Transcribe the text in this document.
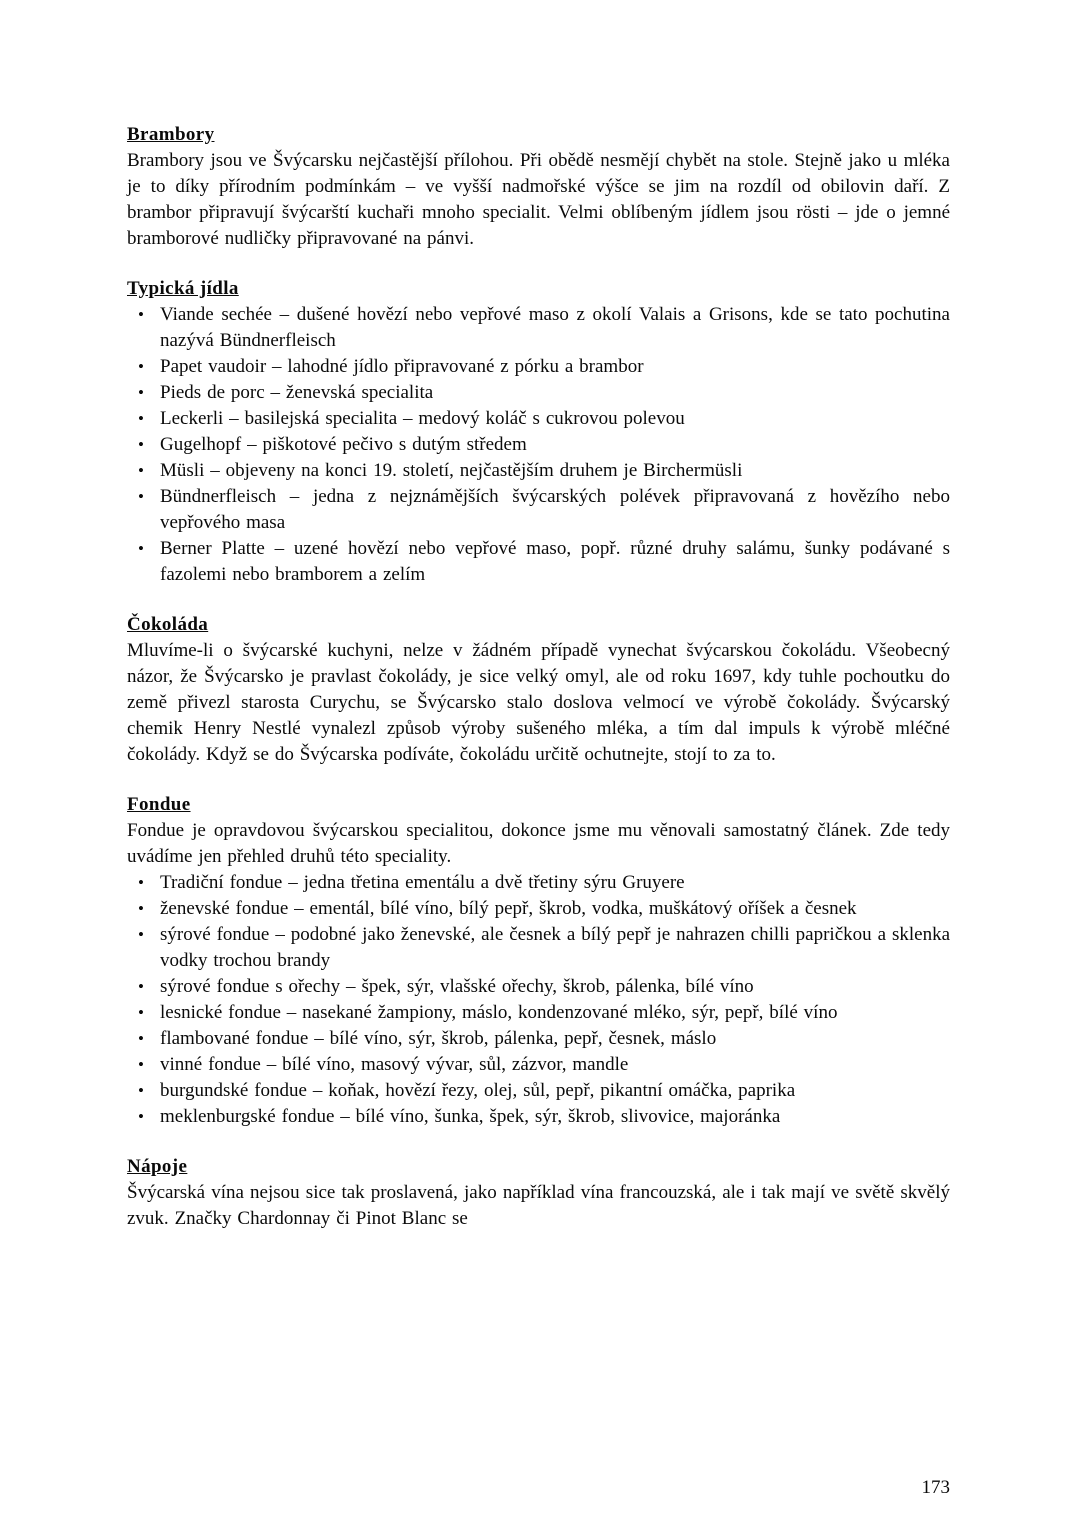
Brambory

Brambory jsou ve Švýcarsku nejčastější přílohou. Při obědě nesmějí chybět na stole. Stejně jako u mléka je to díky přírodním podmínkám – ve vyšší nadmořské výšce se jim na rozdíl od obilovin daří. Z brambor připravují švýcarští kuchaři mnoho specialit. Velmi oblíbeným jídlem jsou rösti – jde o jemné bramborové nudličky připravované na pánvi.

Typická jídla
• Viande sechée – dušené hovězí nebo vepřové maso z okolí Valais a Grisons, kde se tato pochutina nazývá Bündnerfleisch
• Papet vaudoir – lahodné jídlo připravované z pórku a brambor
• Pieds de porc – ženevská specialita
• Leckerli – basilejská specialita – medový koláč s cukrovou polevou
• Gugelhopf – piškotové pečivo s dutým středem
• Müsli – objeveny na konci 19. století, nejčastějším druhem je Birchermüsli
• Bündnerfleisch – jedna z nejznámějších švýcarských polévek připravovaná z hovězího nebo vepřového masa
• Berner Platte – uzené hovězí nebo vepřové maso, popř. různé druhy salámu, šunky podávané s fazolemi nebo bramborem a zelím
Čokoláda

Mluvíme-li o švýcarské kuchyni, nelze v žádném případě vynechat švýcarskou čokoládu. Všeobecný názor, že Švýcarsko je pravlast čokolády, je sice velký omyl, ale od roku 1697, kdy tuhle pochoutku do země přivezl starosta Curychu, se Švýcarsko stalo doslova velmocí ve výrobě čokolády. Švýcarský chemik Henry Nestlé vynalezl způsob výroby sušeného mléka, a tím dal impuls k výrobě mléčné čokolády. Když se do Švýcarska podíváte, čokoládu určitě ochutnejte, stojí to za to.

Fondue

Fondue je opravdovou švýcarskou specialitou, dokonce jsme mu věnovali samostatný článek. Zde tedy uvádíme jen přehled druhů této speciality.

• Tradiční fondue – jedna třetina ementálu a dvě třetiny sýru Gruyere
• ženevské fondue – ementál, bílé víno, bílý pepř, škrob, vodka, muškátový oříšek a česnek
• sýrové fondue – podobné jako ženevské, ale česnek a bílý pepř je nahrazen chilli papričkou a sklenka vodky trochou brandy
• sýrové fondue s ořechy – špek, sýr, vlašské ořechy, škrob, pálenka, bílé víno
• lesnické fondue – nasekané žampiony, máslo, kondenzované mléko, sýr, pepř, bílé víno
• flambované fondue – bílé víno, sýr, škrob, pálenka, pepř, česnek, máslo
• vinné fondue – bílé víno, masový vývar, sůl, zázvor, mandle
• burgundské fondue – koňak, hovězí řezy, olej, sůl, pepř, pikantní omáčka, paprika
• meklenburgské fondue – bílé víno, šunka, špek, sýr, škrob, slivovice, majoránka
Nápoje

Švýcarská vína nejsou sice tak proslavená, jako například vína francouzská, ale i tak mají ve světě skvělý zvuk. Značky Chardonnay či Pinot Blanc se

173
